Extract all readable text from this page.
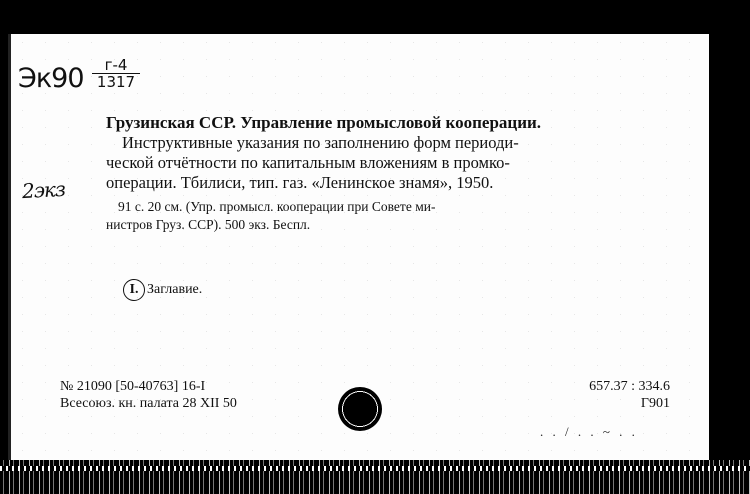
Эк90	г-4
1317
2экз
Грузинская ССР. Управление промысловой кооперации.
Инструктивные указания по заполнению форм периоди-
ческой отчётности по капитальным вложениям в промко-
операции. Тбилиси, тип. газ. «Ленинское знамя», 1950.
91 с. 20 см. (Упр. промысл. кооперации при Совете ми-
нистров Груз. ССР). 500 экз. Беспл.
I. Заглавие.
№ 21090 [50-40763] 16-I
Всесоюз. кн. палата 28 XII 50
657.37 : 334.6
Г901
. . / . . ~ . .
